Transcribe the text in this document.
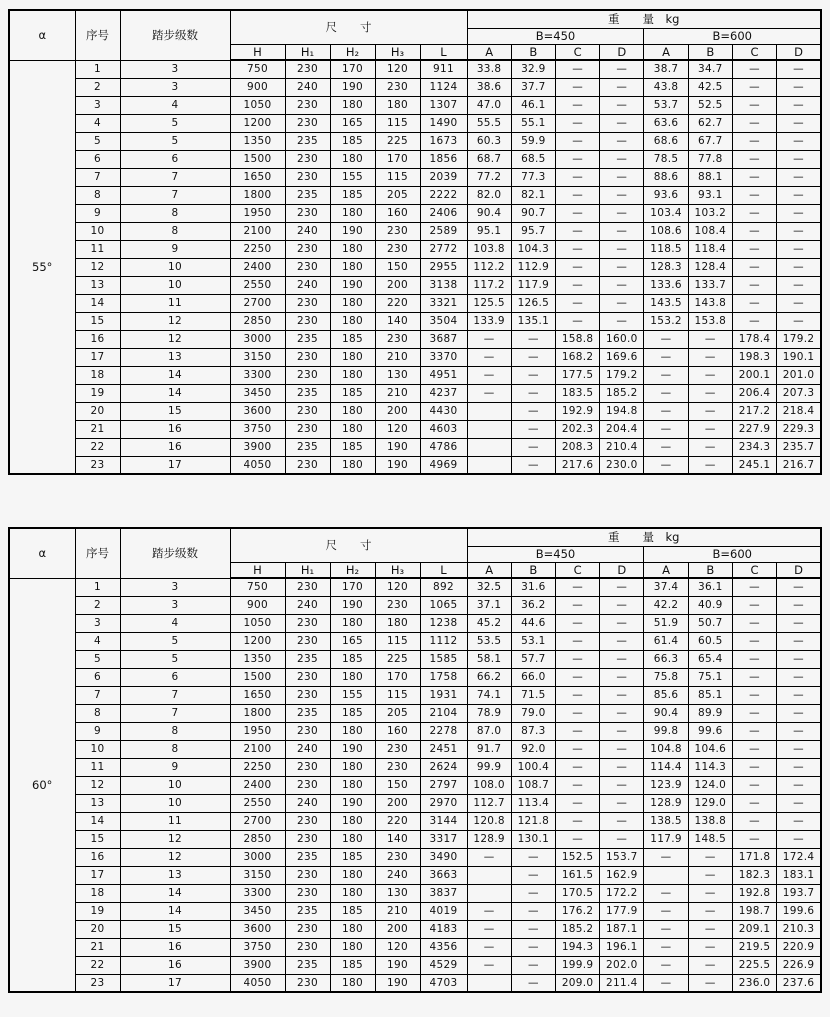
α	序号	踏步级数	尺　　寸					重　　量　kg							
								B=450				B=600			
			H	H₁	H₂	H₃	L	A	B	C	D	A	B	C	D
55°	1	3	750	230	170	120	911	33.8	32.9	—	—	38.7	34.7	—	—
	2	3	900	240	190	230	1124	38.6	37.7	—	—	43.8	42.5	—	—
	3	4	1050	230	180	180	1307	47.0	46.1	—	—	53.7	52.5	—	—
	4	5	1200	230	165	115	1490	55.5	55.1	—	—	63.6	62.7	—	—
	5	5	1350	235	185	225	1673	60.3	59.9	—	—	68.6	67.7	—	—
	6	6	1500	230	180	170	1856	68.7	68.5	—	—	78.5	77.8	—	—
	7	7	1650	230	155	115	2039	77.2	77.3	—	—	88.6	88.1	—	—
	8	7	1800	235	185	205	2222	82.0	82.1	—	—	93.6	93.1	—	—
	9	8	1950	230	180	160	2406	90.4	90.7	—	—	103.4	103.2	—	—
	10	8	2100	240	190	230	2589	95.1	95.7	—	—	108.6	108.4	—	—
	11	9	2250	230	180	230	2772	103.8	104.3	—	—	118.5	118.4	—	—
	12	10	2400	230	180	150	2955	112.2	112.9	—	—	128.3	128.4	—	—
	13	10	2550	240	190	200	3138	117.2	117.9	—	—	133.6	133.7	—	—
	14	11	2700	230	180	220	3321	125.5	126.5	—	—	143.5	143.8	—	—
	15	12	2850	230	180	140	3504	133.9	135.1	—	—	153.2	153.8	—	—
	16	12	3000	235	185	230	3687	—	—	158.8	160.0	—	—	178.4	179.2
	17	13	3150	230	180	210	3370	—	—	168.2	169.6	—	—	198.3	190.1
	18	14	3300	230	180	130	4951	—	—	177.5	179.2	—	—	200.1	201.0
	19	14	3450	235	185	210	4237	—	—	183.5	185.2	—	—	206.4	207.3
	20	15	3600	230	180	200	4430		—	192.9	194.8	—	—	217.2	218.4
	21	16	3750	230	180	120	4603		—	202.3	204.4	—	—	227.9	229.3
	22	16	3900	235	185	190	4786		—	208.3	210.4	—	—	234.3	235.7
	23	17	4050	230	180	190	4969		—	217.6	230.0	—	—	245.1	216.7
α	序号	踏步级数	尺　　寸					重　　量　kg							
								B=450				B=600			
			H	H₁	H₂	H₃	L	A	B	C	D	A	B	C	D
60°	1	3	750	230	170	120	892	32.5	31.6	—	—	37.4	36.1	—	—
	2	3	900	240	190	230	1065	37.1	36.2	—	—	42.2	40.9	—	—
	3	4	1050	230	180	180	1238	45.2	44.6	—	—	51.9	50.7	—	—
	4	5	1200	230	165	115	1112	53.5	53.1	—	—	61.4	60.5	—	—
	5	5	1350	235	185	225	1585	58.1	57.7	—	—	66.3	65.4	—	—
	6	6	1500	230	180	170	1758	66.2	66.0	—	—	75.8	75.1	—	—
	7	7	1650	230	155	115	1931	74.1	71.5	—	—	85.6	85.1	—	—
	8	7	1800	235	185	205	2104	78.9	79.0	—	—	90.4	89.9	—	—
	9	8	1950	230	180	160	2278	87.0	87.3	—	—	99.8	99.6	—	—
	10	8	2100	240	190	230	2451	91.7	92.0	—	—	104.8	104.6	—	—
	11	9	2250	230	180	230	2624	99.9	100.4	—	—	114.4	114.3	—	—
	12	10	2400	230	180	150	2797	108.0	108.7	—	—	123.9	124.0	—	—
	13	10	2550	240	190	200	2970	112.7	113.4	—	—	128.9	129.0	—	—
	14	11	2700	230	180	220	3144	120.8	121.8	—	—	138.5	138.8	—	—
	15	12	2850	230	180	140	3317	128.9	130.1	—	—	117.9	148.5	—	—
	16	12	3000	235	185	230	3490	—	—	152.5	153.7	—	—	171.8	172.4
	17	13	3150	230	180	240	3663		—	161.5	162.9		—	182.3	183.1
	18	14	3300	230	180	130	3837		—	170.5	172.2	—	—	192.8	193.7
	19	14	3450	235	185	210	4019	—	—	176.2	177.9	—	—	198.7	199.6
	20	15	3600	230	180	200	4183	—	—	185.2	187.1	—	—	209.1	210.3
	21	16	3750	230	180	120	4356	—	—	194.3	196.1	—	—	219.5	220.9
	22	16	3900	235	185	190	4529	—	—	199.9	202.0	—	—	225.5	226.9
	23	17	4050	230	180	190	4703		—	209.0	211.4	—	—	236.0	237.6
